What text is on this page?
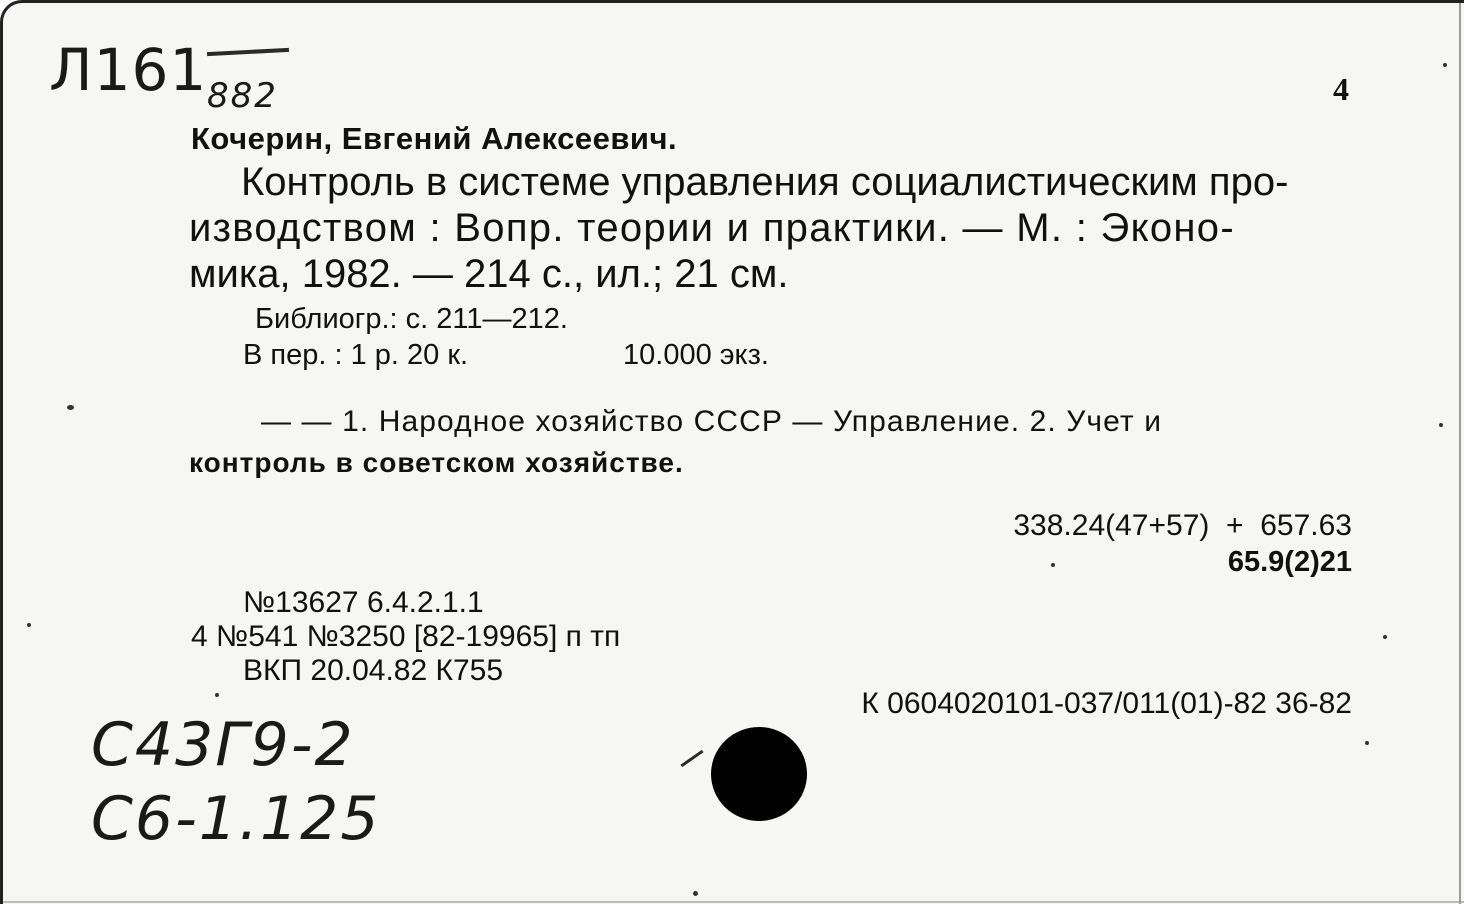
Л161 882	4
Кочерин, Евгений Алексеевич.
Контроль в системе управления социалистическим про-
изводством : Вопр. теории и практики. — М. : Эконо-
мика, 1982. — 214 с., ил.; 21 см.
Библиогр.: с. 211—212.
В пер. : 1 р. 20 к.	10.000 экз.
— — 1. Народное хозяйство СССР — Управление. 2. Учет и
контроль в советском хозяйстве.
338.24(47+57)  +  657.63
65.9(2)21
№13627 6.4.2.1.1
4 №541 №3250 [82-19965] п тп
ВКП 20.04.82 К755
К 0604020101-037/011(01)-82 36-82
С43Г9-2
С6-1.125
